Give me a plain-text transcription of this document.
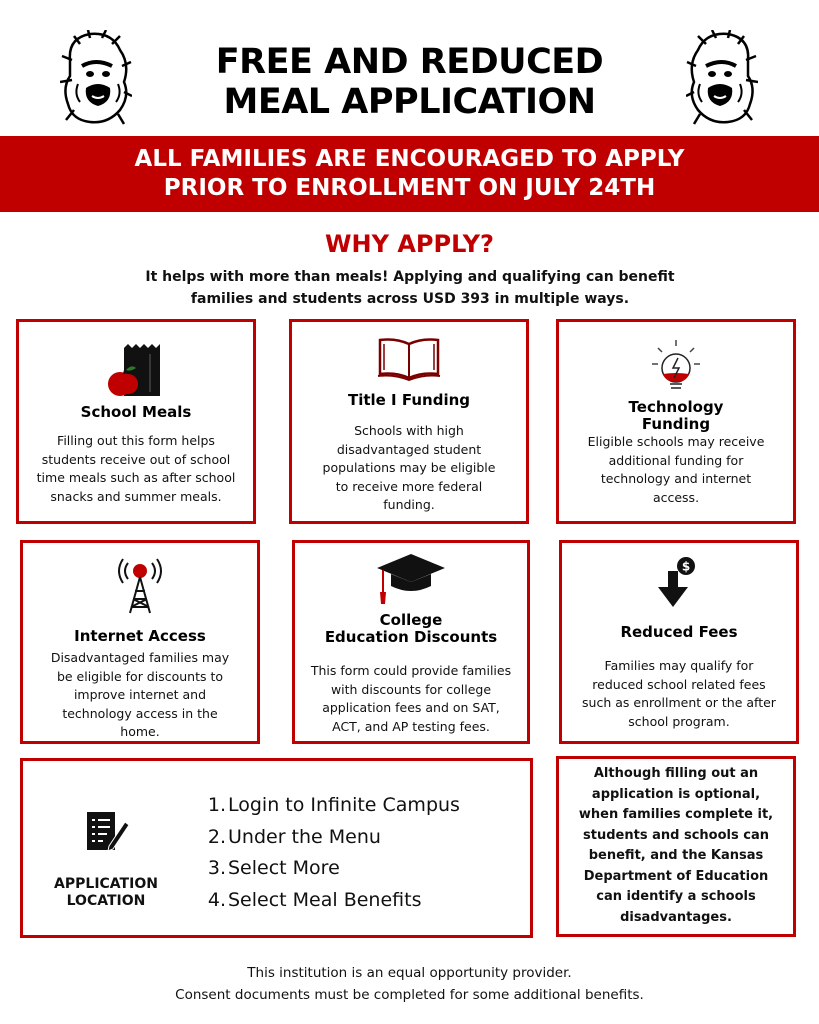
FREE AND REDUCED
MEAL APPLICATION
ALL FAMILIES ARE ENCOURAGED TO APPLY
PRIOR TO ENROLLMENT ON JULY 24TH
WHY APPLY?
It helps with more than meals! Applying and qualifying can benefit
families and students across USD 393 in multiple ways.
School Meals
Filling out this form helps
students receive out of school
time meals such as after school
snacks and summer meals.
Title I Funding
Schools with high
disadvantaged student
populations may be eligible
to receive more federal
funding.
Technology
Funding
Eligible schools may receive
additional funding for
technology and internet
access.
Internet Access
Disadvantaged families may
be eligible for discounts to
improve internet and
technology access in the
home.
College
Education Discounts
This form could provide families
with discounts for college
application fees and on SAT,
ACT, and AP testing fees.
$
Reduced Fees
Families may qualify for
reduced school related fees
such as enrollment or the after
school program.
APPLICATION
LOCATION
1. Login to Infinite Campus
2. Under the Menu
3. Select More
4. Select Meal Benefits
Although filling out an
application is optional,
when families complete it,
students and schools can
benefit, and the Kansas
Department of Education
can identify a schools
disadvantages.
This institution is an equal opportunity provider.
Consent documents must be completed for some additional benefits.
